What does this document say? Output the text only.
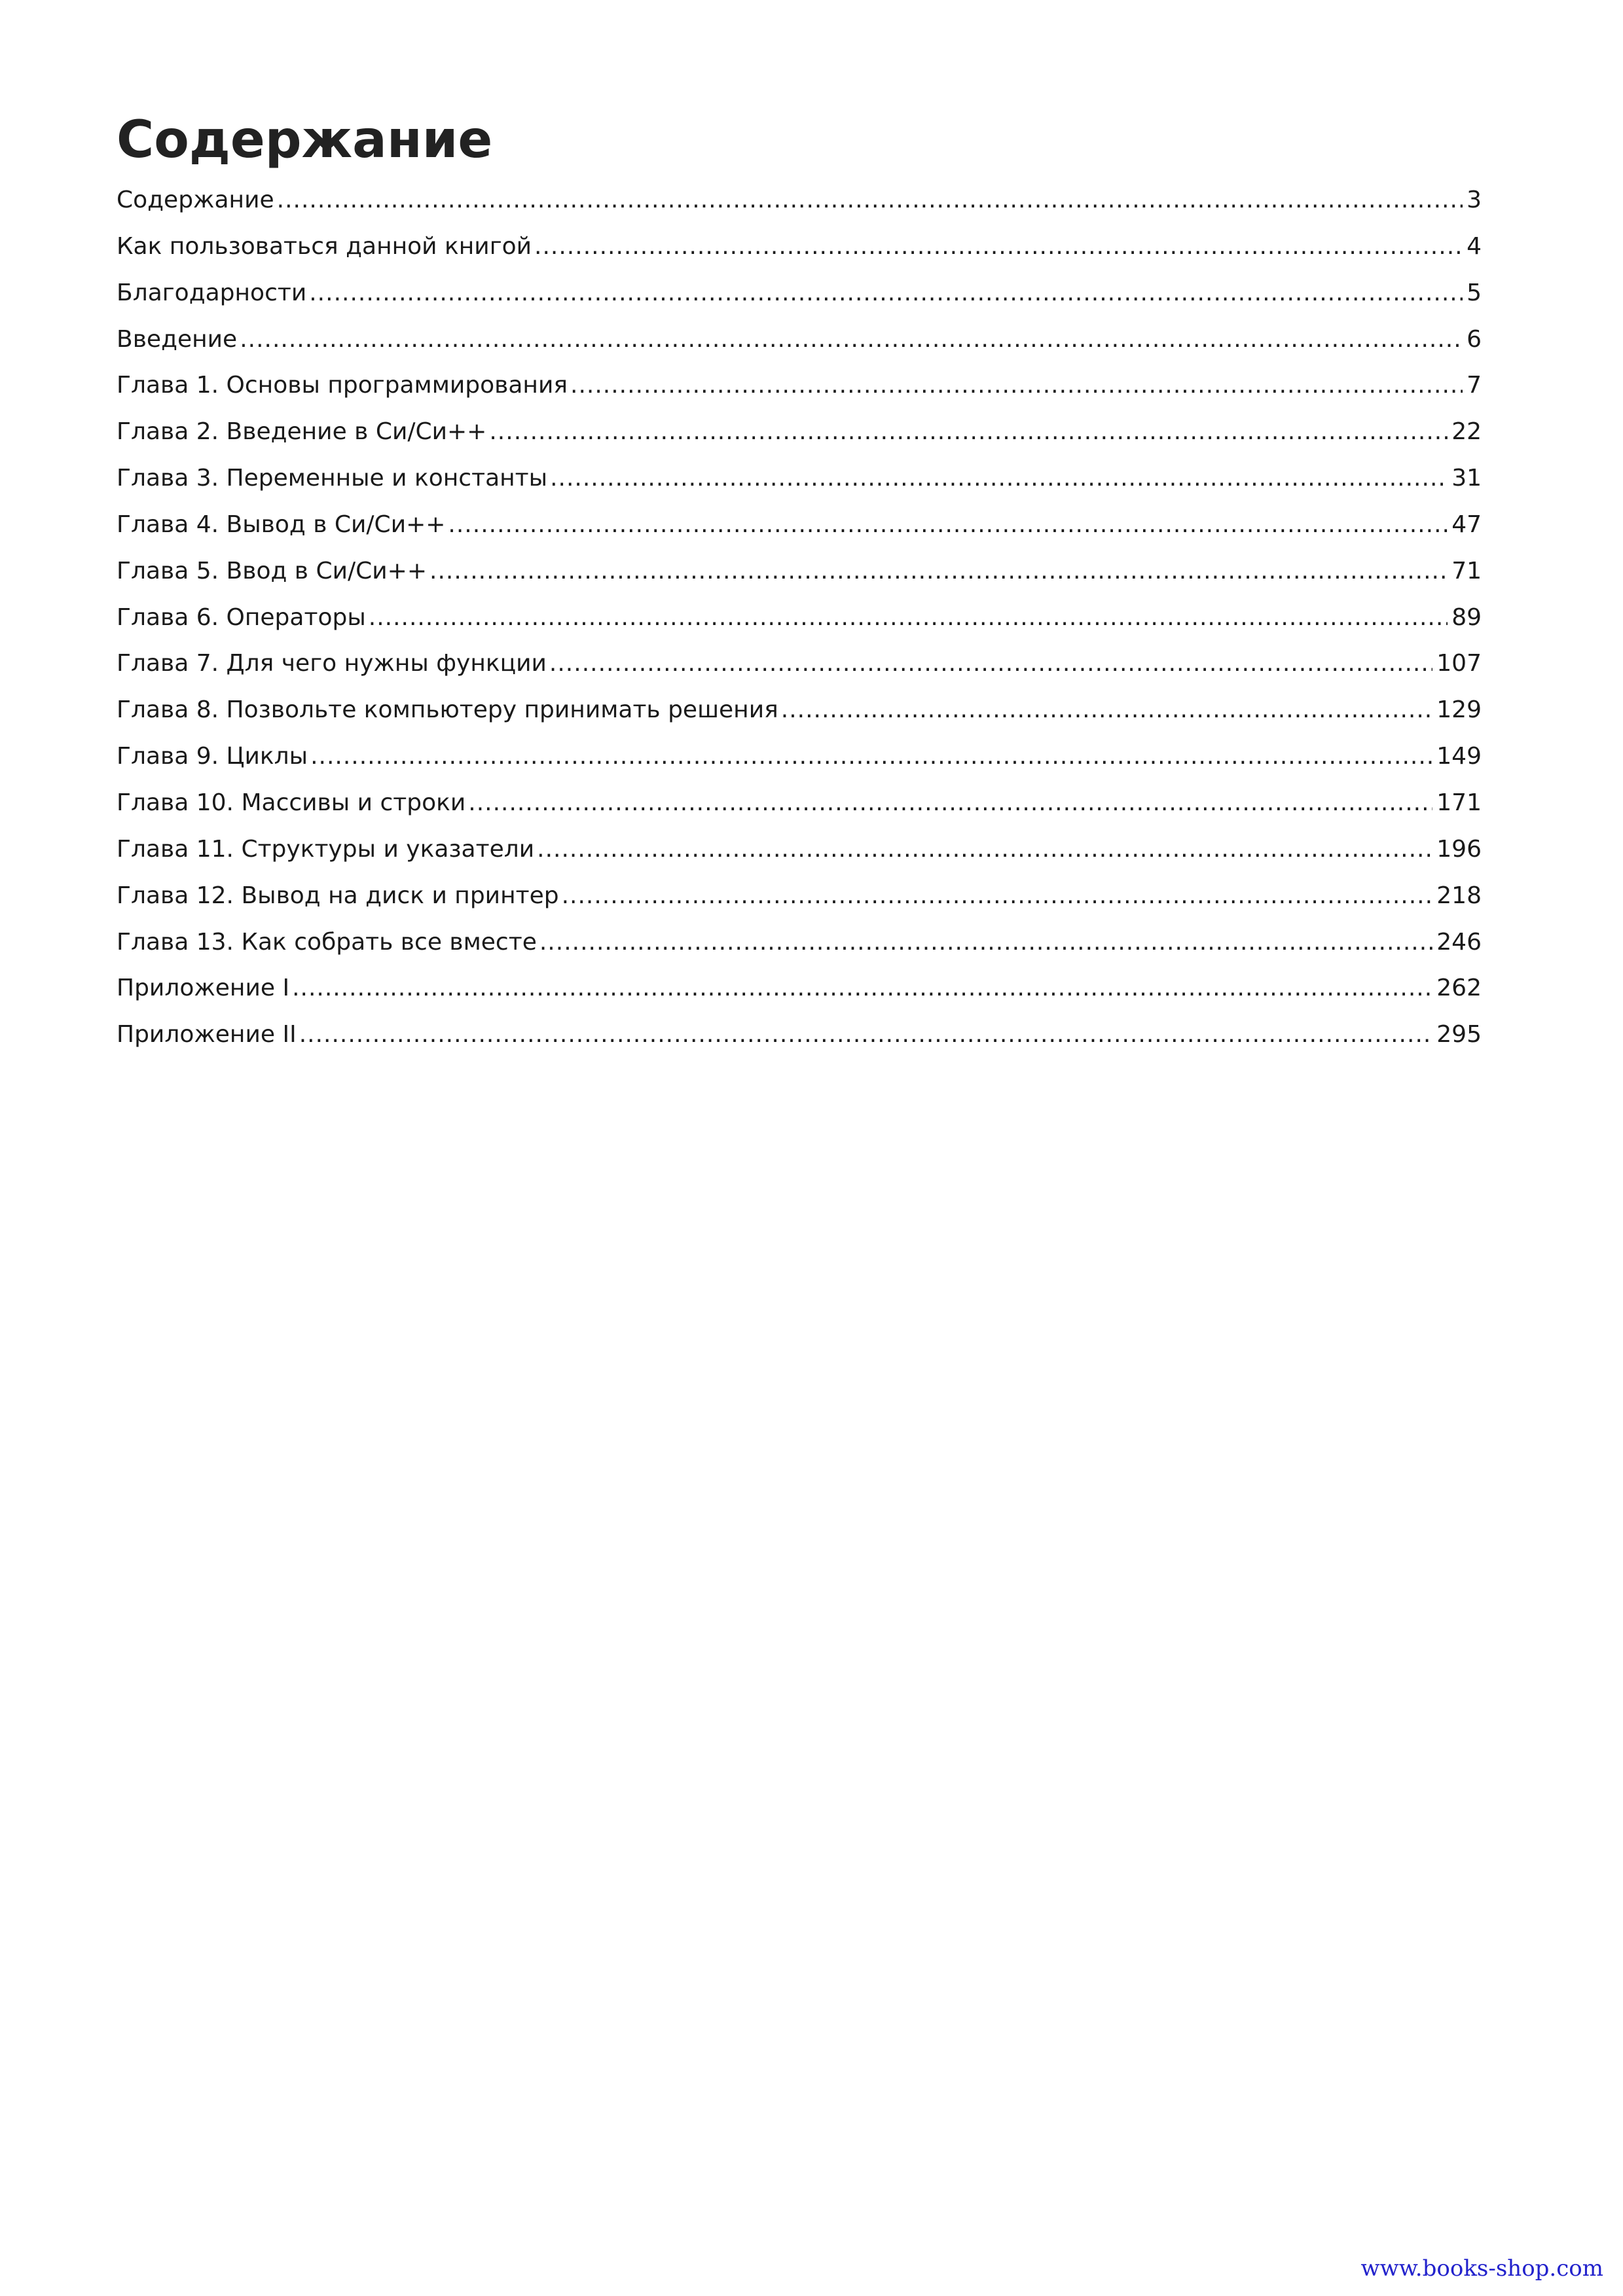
Содержание
Содержание .....	3
Как пользоваться данной книгой .....	4
Благодарности .....	5
Введение .....	6
Глава 1. Основы программирования .....	7
Глава 2. Введение в Си/Си++ .....	22
Глава 3. Переменные и константы .....	31
Глава 4. Вывод в Си/Си++ .....	47
Глава 5. Ввод в Си/Си++ .....	71
Глава 6. Операторы .....	89
Глава 7. Для чего нужны функции .....	107
Глава 8. Позвольте компьютеру принимать решения .....	129
Глава 9. Циклы .....	149
Глава 10. Массивы и строки .....	171
Глава 11. Структуры и указатели .....	196
Глава 12. Вывод на диск и принтер .....	218
Глава 13. Как собрать все вместе .....	246
Приложение I .....	262
Приложение II .....	295
www.books-shop.com
